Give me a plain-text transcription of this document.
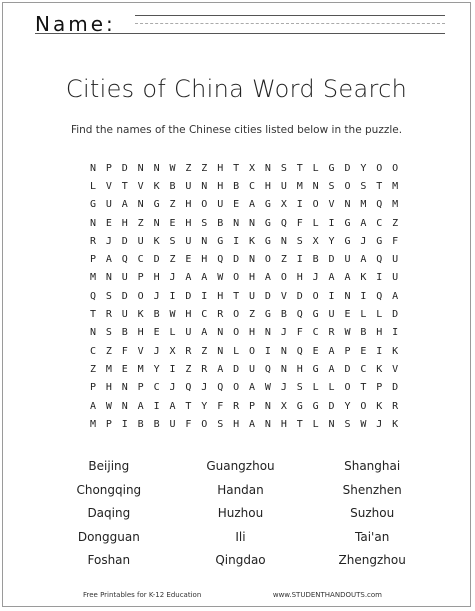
Name:
Cities of China Word Search
Find the names of the Chinese cities listed below in the puzzle.
N P D N N W Z Z H T X N S T L G D Y O O
L V T V K B U N H B C H U M N S O S T M
G U A N G Z H O U E A G X I O V N M Q M
N E H Z N E H S B N N G Q F L I G A C Z
R J D U K S U N G I K G N S X Y G J G F
P A Q C D Z E H Q D N O Z I B D U A Q U
M N U P H J A A W O H A O H J A A K I U
Q S D O J I D I H T U D V D O I N I Q A
T R U K B W H C R O Z G B Q G U E L L D
N S B H E L U A N O H N J F C R W B H I
C Z F V J X R Z N L O I N Q E A P E I K
Z M E M Y I Z R A D U Q N H G A D C K V
P H N P C J Q J Q O A W J S L L O T P D
A W N A I A T Y F R P N X G G D Y O K R
M P I B B U F O S H A N H T L N S W J K
Beijing	Guangzhou	Shanghai
Chongqing	Handan	Shenzhen
Daqing	Huzhou	Suzhou
Dongguan	Ili	Tai'an
Foshan	Qingdao	Zhengzhou
Free Printables for K-12 Education	www.STUDENTHANDOUTS.com
